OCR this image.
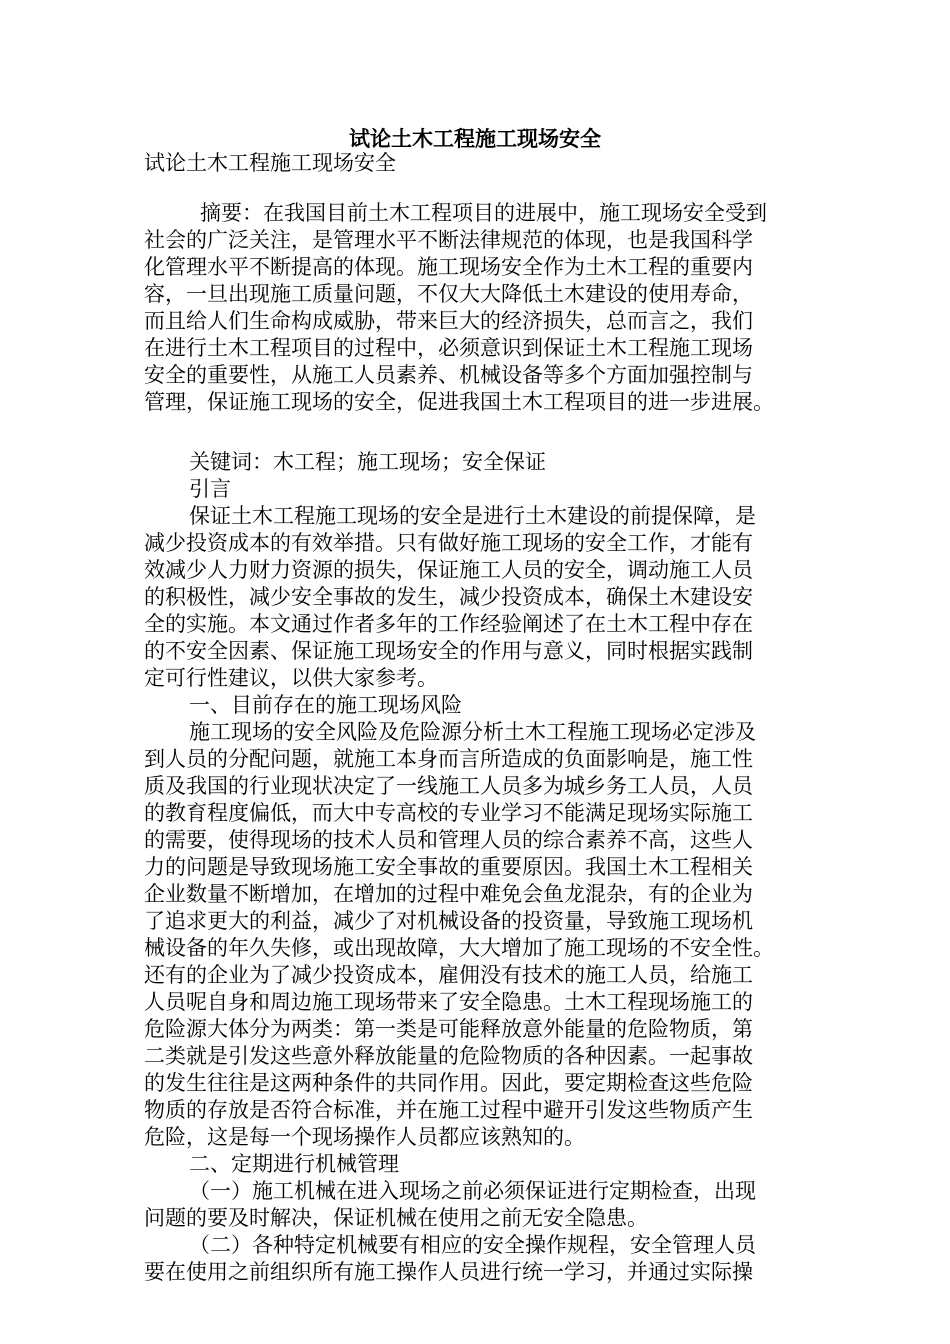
试论土木工程施工现场安全
试论土木工程施工现场安全
摘要：在我国目前土木工程项目的进展中，施工现场安全受到
社会的广泛关注，是管理水平不断法律规范的体现，也是我国科学
化管理水平不断提高的体现。施工现场安全作为土木工程的重要内
容，一旦出现施工质量问题，不仅大大降低土木建设的使用寿命，
而且给人们生命构成威胁，带来巨大的经济损失，总而言之，我们
在进行土木工程项目的过程中，必须意识到保证土木工程施工现场
安全的重要性，从施工人员素养、机械设备等多个方面加强控制与
管理，保证施工现场的安全，促进我国土木工程项目的进一步进展。
关键词：木工程；施工现场；安全保证
引言
保证土木工程施工现场的安全是进行土木建设的前提保障，是
减少投资成本的有效举措。只有做好施工现场的安全工作，才能有
效减少人力财力资源的损失，保证施工人员的安全，调动施工人员
的积极性，减少安全事故的发生，减少投资成本，确保土木建设安
全的实施。本文通过作者多年的工作经验阐述了在土木工程中存在
的不安全因素、保证施工现场安全的作用与意义，同时根据实践制
定可行性建议，以供大家参考。
一、目前存在的施工现场风险
施工现场的安全风险及危险源分析土木工程施工现场必定涉及
到人员的分配问题，就施工本身而言所造成的负面影响是，施工性
质及我国的行业现状决定了一线施工人员多为城乡务工人员，人员
的教育程度偏低，而大中专高校的专业学习不能满足现场实际施工
的需要，使得现场的技术人员和管理人员的综合素养不高，这些人
力的问题是导致现场施工安全事故的重要原因。我国土木工程相关
企业数量不断增加，在增加的过程中难免会鱼龙混杂，有的企业为
了追求更大的利益，减少了对机械设备的投资量，导致施工现场机
械设备的年久失修，或出现故障，大大增加了施工现场的不安全性。
还有的企业为了减少投资成本，雇佣没有技术的施工人员，给施工
人员呢自身和周边施工现场带来了安全隐患。土木工程现场施工的
危险源大体分为两类：第一类是可能释放意外能量的危险物质，第
二类就是引发这些意外释放能量的危险物质的各种因素。一起事故
的发生往往是这两种条件的共同作用。因此，要定期检查这些危险
物质的存放是否符合标准，并在施工过程中避开引发这些物质产生
危险，这是每一个现场操作人员都应该熟知的。
二、定期进行机械管理
（一）施工机械在进入现场之前必须保证进行定期检查，出现
问题的要及时解决，保证机械在使用之前无安全隐患。
（二）各种特定机械要有相应的安全操作规程，安全管理人员
要在使用之前组织所有施工操作人员进行统一学习，并通过实际操
